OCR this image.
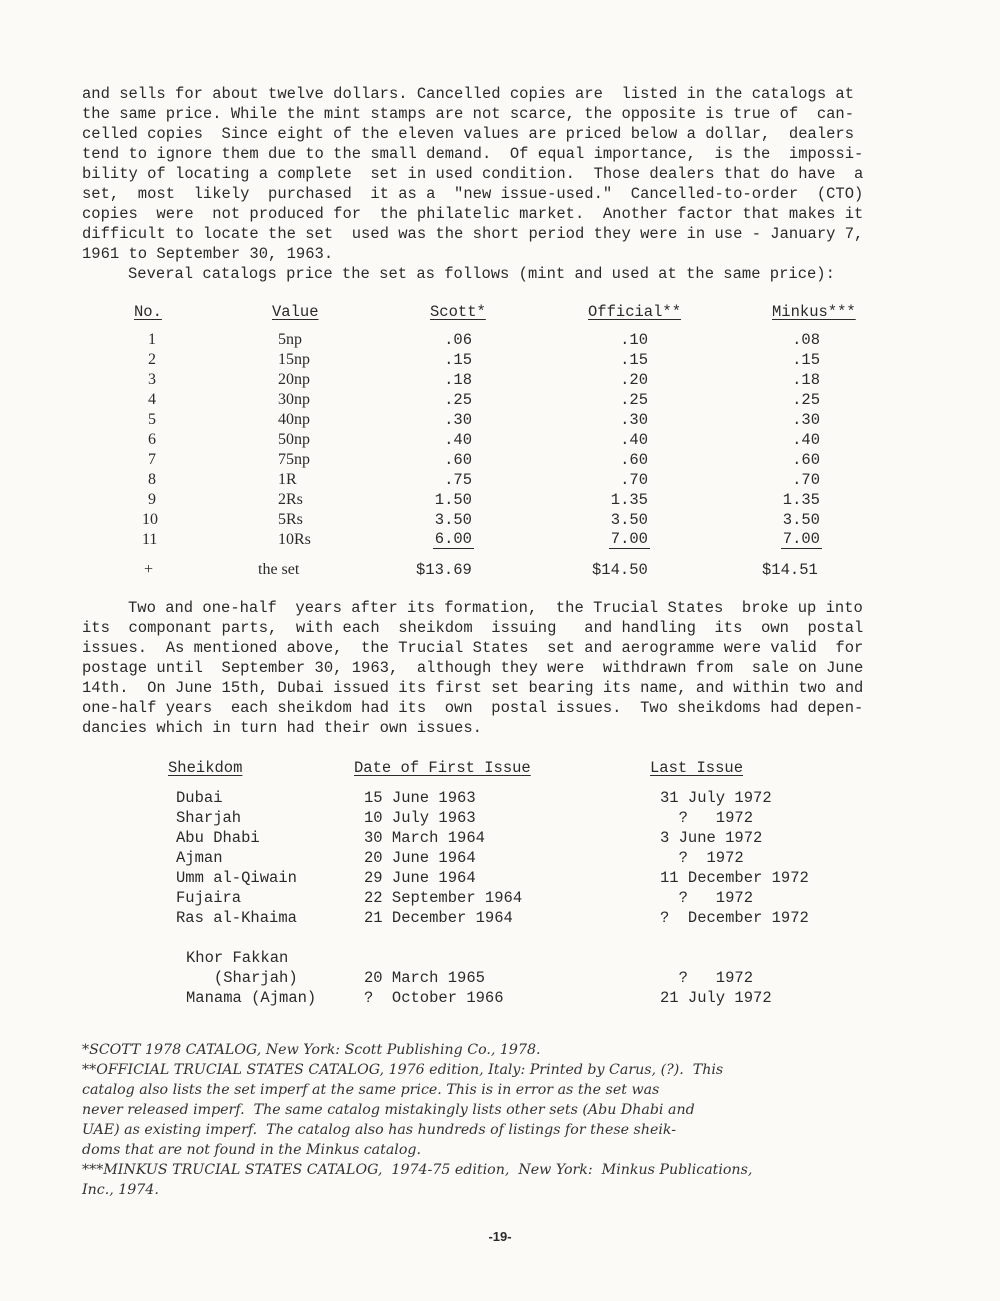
and sells for about twelve dollars. Cancelled copies are  listed in the catalogs at
the same price. While the mint stamps are not scarce, the opposite is true of  can-
celled copies  Since eight of the eleven values are priced below a dollar,  dealers
tend to ignore them due to the small demand.  Of equal importance,  is the  impossi-
bility of locating a complete  set in used condition.  Those dealers that do have  a
set,  most  likely  purchased  it as a  "new issue-used."  Cancelled-to-order  (CTO)
copies  were  not produced for  the philatelic market.  Another factor that makes it
difficult to locate the set  used was the short period they were in use - January 7,
1961 to September 30, 1963.

Several catalogs price the set as follows (mint and used at the same price):

No.	Value	Scott*	Official**	Minkus***
1	5np	.06	.10	.08
2	15np	.15	.15	.15
3	20np	.18	.20	.18
4	30np	.25	.25	.25
5	40np	.30	.30	.30
6	50np	.40	.40	.40
7	75np	.60	.60	.60
8	1R	.75	.70	.70
9	2Rs	1.50	1.35	1.35
10	5Rs	3.50	3.50	3.50
11	10Rs	6.00	7.00	7.00
+	the set	$13.69	$14.50	$14.51

Two and one-half  years after its formation,  the Trucial States  broke up into
its  componant parts,  with each  sheikdom  issuing   and handling  its  own  postal
issues.  As mentioned above,  the Trucial States  set and aerogramme were valid  for
postage until  September 30, 1963,  although they were  withdrawn from  sale on June
14th.  On June 15th, Dubai issued its first set bearing its name, and within two and
one-half years  each sheikdom had its  own  postal issues.  Two sheikdoms had depen-
dancies which in turn had their own issues.

Sheikdom	Date of First Issue	Last Issue
Dubai	15 June 1963	31 July 1972
Sharjah	10 July 1963	?   1972
Abu Dhabi	30 March 1964	3 June 1972
Ajman	20 June 1964	?  1972
Umm al-Qiwain	29 June 1964	11 December 1972
Fujaira	22 September 1964	?   1972
Ras al-Khaima	21 December 1964	?  December 1972
Khor Fakkan
(Sharjah)	20 March 1965	?   1972
Manama (Ajman)	?  October 1966	21 July 1972
*SCOTT 1978 CATALOG, New York: Scott Publishing Co., 1978.
**OFFICIAL TRUCIAL STATES CATALOG, 1976 edition, Italy: Printed by Carus, (?).  This
catalog also lists the set imperf at the same price. This is in error as the set was
never released imperf.  The same catalog mistakingly lists other sets (Abu Dhabi and
UAE) as existing imperf.  The catalog also has hundreds of listings for these sheik-
doms that are not found in the Minkus catalog.
***MINKUS TRUCIAL STATES CATALOG,  1974-75 edition,  New York:  Minkus Publications,
Inc., 1974.
-19-
